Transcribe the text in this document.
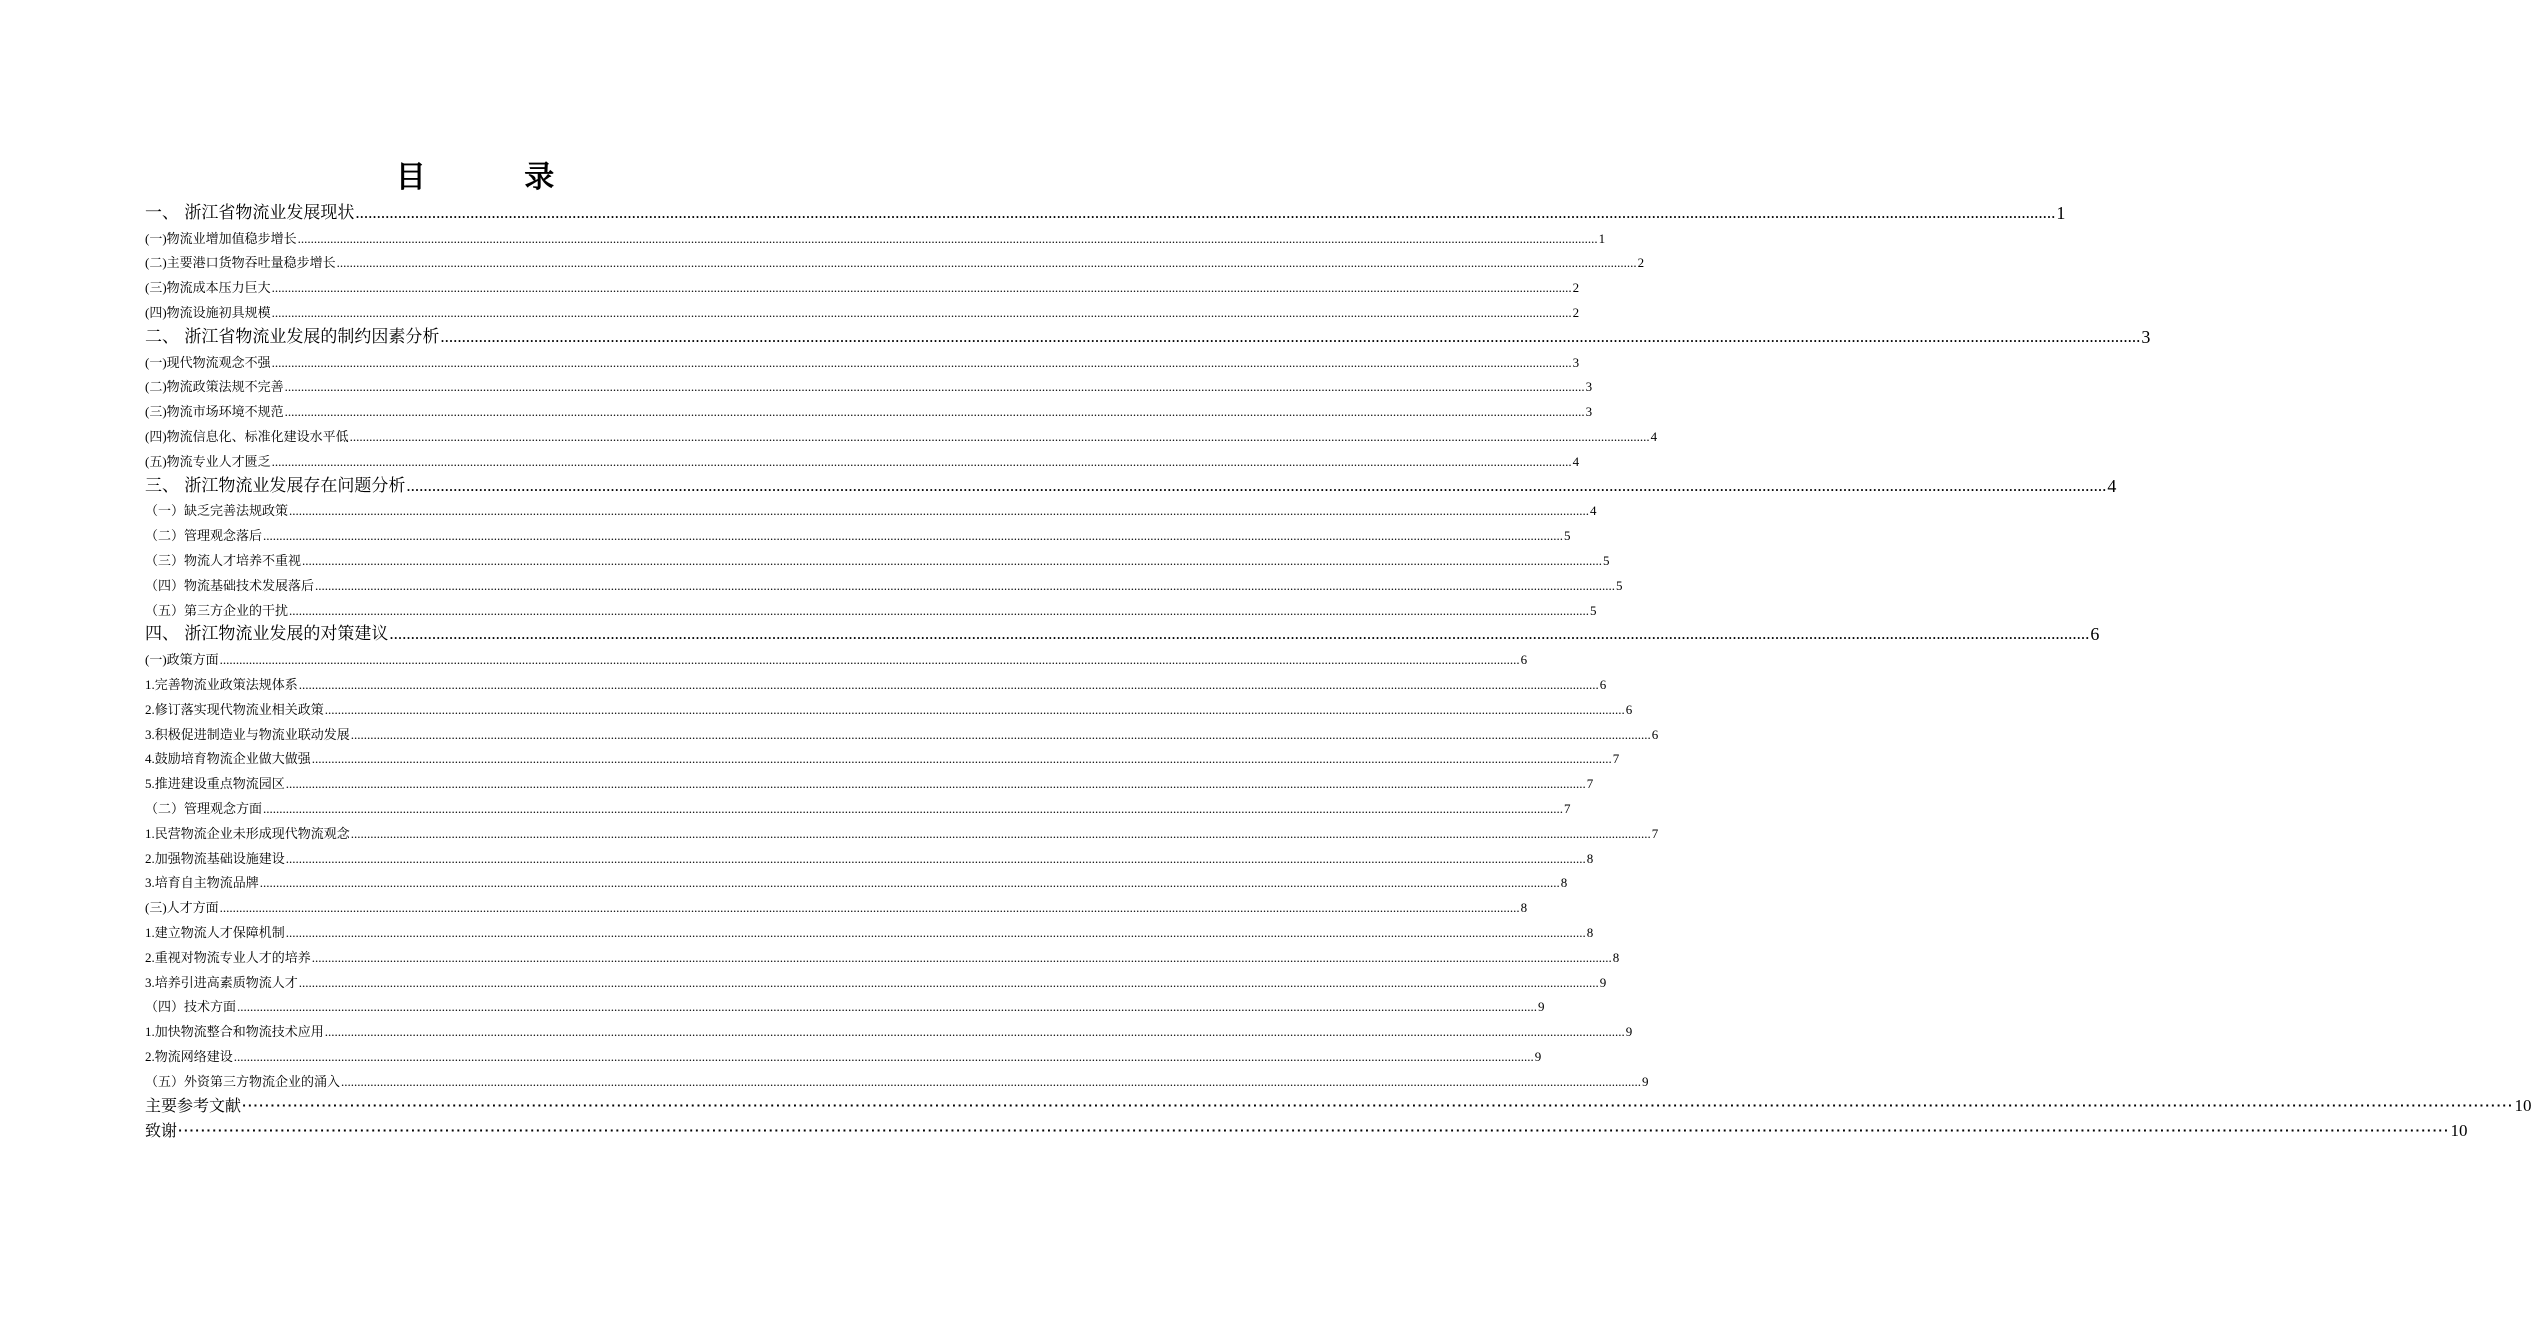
目 录
一、 浙江省物流业发展现状 ................................................................................................................................................................................................................................................................................................................................................................................................................ 1
(一)物流业增加值稳步增长 ................................................................................................................................................................................................................................................................................................................................................................................................................ 1
(二)主要港口货物吞吐量稳步增长 ................................................................................................................................................................................................................................................................................................................................................................................................................ 2
(三)物流成本压力巨大 ................................................................................................................................................................................................................................................................................................................................................................................................................ 2
(四)物流设施初具规模 ................................................................................................................................................................................................................................................................................................................................................................................................................ 2
二、 浙江省物流业发展的制约因素分析 ................................................................................................................................................................................................................................................................................................................................................................................................................ 3
(一)现代物流观念不强 ................................................................................................................................................................................................................................................................................................................................................................................................................ 3
(二)物流政策法规不完善 ................................................................................................................................................................................................................................................................................................................................................................................................................ 3
(三)物流市场环境不规范 ................................................................................................................................................................................................................................................................................................................................................................................................................ 3
(四)物流信息化、标准化建设水平低 ................................................................................................................................................................................................................................................................................................................................................................................................................ 4
(五)物流专业人才匮乏 ................................................................................................................................................................................................................................................................................................................................................................................................................ 4
三、 浙江物流业发展存在问题分析 ................................................................................................................................................................................................................................................................................................................................................................................................................ 4
（一）缺乏完善法规政策 ................................................................................................................................................................................................................................................................................................................................................................................................................ 4
（二）管理观念落后 ................................................................................................................................................................................................................................................................................................................................................................................................................ 5
（三）物流人才培养不重视 ................................................................................................................................................................................................................................................................................................................................................................................................................ 5
（四）物流基础技术发展落后 ................................................................................................................................................................................................................................................................................................................................................................................................................ 5
（五）第三方企业的干扰 ................................................................................................................................................................................................................................................................................................................................................................................................................ 5
四、 浙江物流业发展的对策建议 ................................................................................................................................................................................................................................................................................................................................................................................................................ 6
(一)政策方面 ................................................................................................................................................................................................................................................................................................................................................................................................................ 6
1.完善物流业政策法规体系 ................................................................................................................................................................................................................................................................................................................................................................................................................ 6
2.修订落实现代物流业相关政策 ................................................................................................................................................................................................................................................................................................................................................................................................................ 6
3.积极促进制造业与物流业联动发展 ................................................................................................................................................................................................................................................................................................................................................................................................................ 6
4.鼓励培育物流企业做大做强 ................................................................................................................................................................................................................................................................................................................................................................................................................ 7
5.推进建设重点物流园区 ................................................................................................................................................................................................................................................................................................................................................................................................................ 7
（二）管理观念方面 ................................................................................................................................................................................................................................................................................................................................................................................................................ 7
1.民营物流企业未形成现代物流观念 ................................................................................................................................................................................................................................................................................................................................................................................................................ 7
2.加强物流基础设施建设 ................................................................................................................................................................................................................................................................................................................................................................................................................ 8
3.培育自主物流品牌 ................................................................................................................................................................................................................................................................................................................................................................................................................ 8
(三)人才方面 ................................................................................................................................................................................................................................................................................................................................................................................................................ 8
1.建立物流人才保障机制 ................................................................................................................................................................................................................................................................................................................................................................................................................ 8
2.重视对物流专业人才的培养 ................................................................................................................................................................................................................................................................................................................................................................................................................ 8
3.培养引进高素质物流人才 ................................................................................................................................................................................................................................................................................................................................................................................................................ 9
（四）技术方面 ................................................................................................................................................................................................................................................................................................................................................................................................................ 9
1.加快物流整合和物流技术应用 ................................................................................................................................................................................................................................................................................................................................................................................................................ 9
2.物流网络建设 ................................................................................................................................................................................................................................................................................................................................................................................................................ 9
（五）外资第三方物流企业的涌入 ................................................................................................................................................................................................................................................................................................................................................................................................................ 9
主要参考文献 ················································································································································································································································································································································································································ 10
致谢 ················································································································································································································································································································································································································ 10
